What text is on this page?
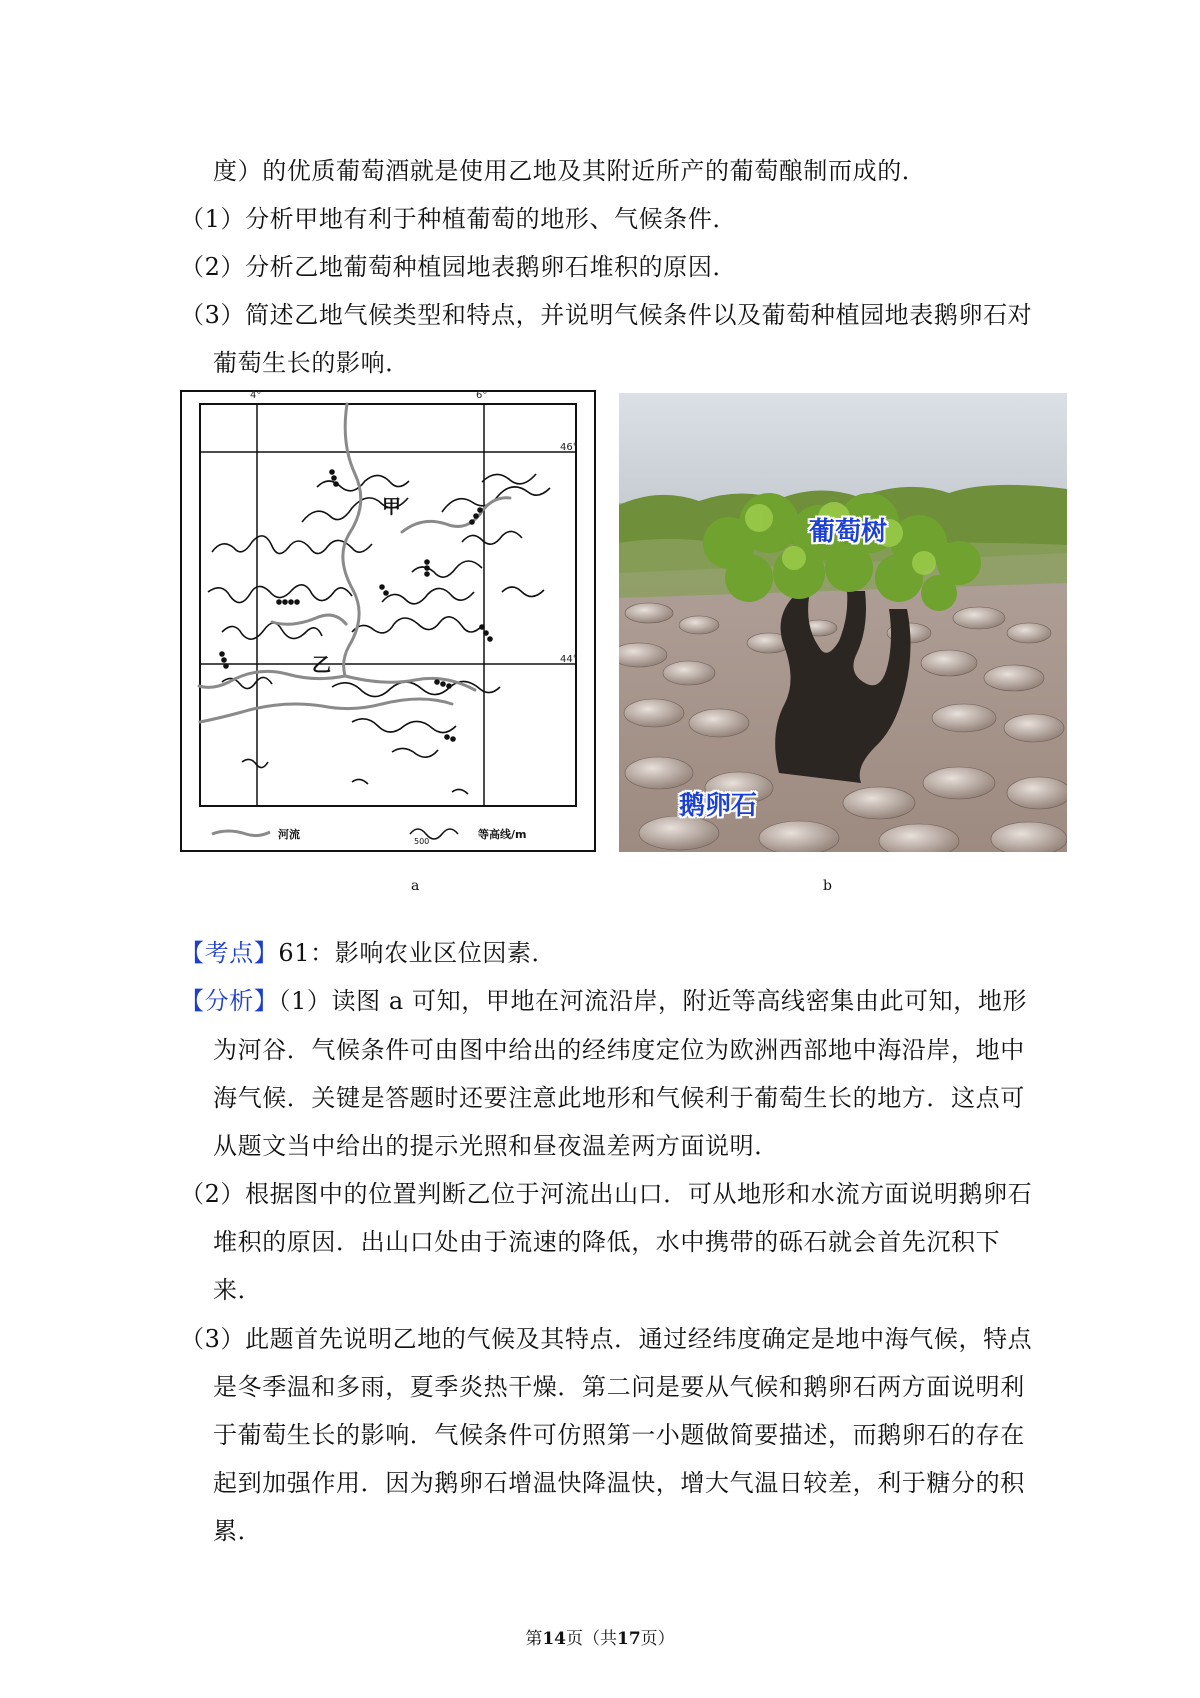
度）的优质葡萄酒就是使用乙地及其附近所产的葡萄酿制而成的．
（1）分析甲地有利于种植葡萄的地形、气候条件．
（2）分析乙地葡萄种植园地表鹅卵石堆积的原因．
（3）简述乙地气候类型和特点，并说明气候条件以及葡萄种植园地表鹅卵石对
葡萄生长的影响．
4°	6°
46°
44°
甲
乙
河流
500
等高线/m
a
葡萄树
鹅卵石
b
【考点】61：影响农业区位因素．
【分析】（1）读图 a 可知，甲地在河流沿岸，附近等高线密集由此可知，地形
为河谷．气候条件可由图中给出的经纬度定位为欧洲西部地中海沿岸，地中
海气候．关键是答题时还要注意此地形和气候利于葡萄生长的地方．这点可
从题文当中给出的提示光照和昼夜温差两方面说明．
（2）根据图中的位置判断乙位于河流出山口．可从地形和水流方面说明鹅卵石
堆积的原因．出山口处由于流速的降低，水中携带的砾石就会首先沉积下
来．
（3）此题首先说明乙地的气候及其特点．通过经纬度确定是地中海气候，特点
是冬季温和多雨，夏季炎热干燥．第二问是要从气候和鹅卵石两方面说明利
于葡萄生长的影响．气候条件可仿照第一小题做简要描述，而鹅卵石的存在
起到加强作用．因为鹅卵石增温快降温快，增大气温日较差，利于糖分的积
累．
第14页（共17页）
